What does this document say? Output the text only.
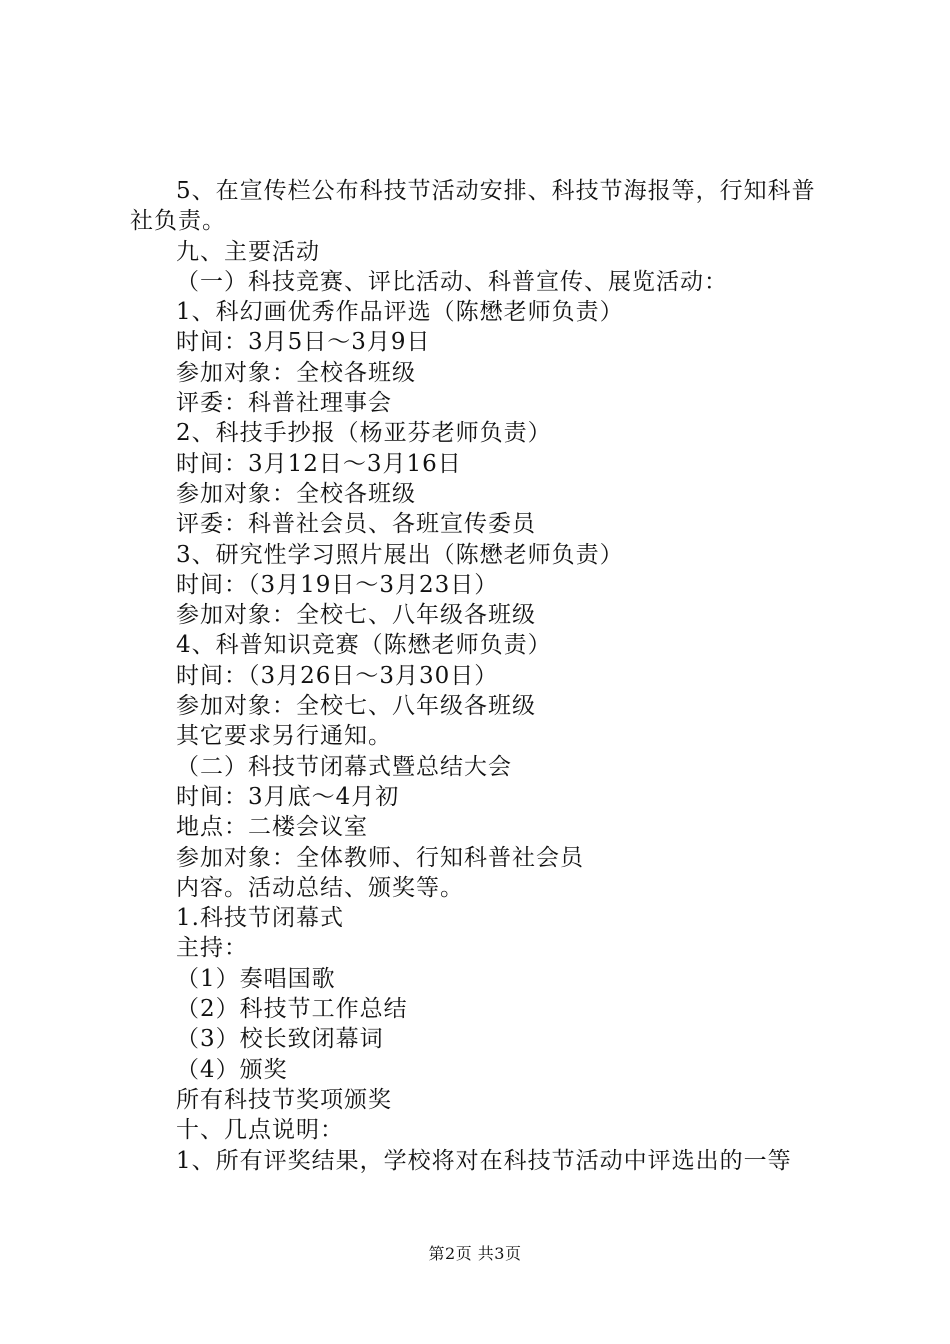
5、在宣传栏公布科技节活动安排、科技节海报等，行知科普社负责。
九、主要活动
（一）科技竞赛、评比活动、科普宣传、展览活动：
1、科幻画优秀作品评选（陈懋老师负责）
时间：3月5日～3月9日
参加对象：全校各班级
评委：科普社理事会
2、科技手抄报（杨亚芬老师负责）
时间：3月12日～3月16日
参加对象：全校各班级
评委：科普社会员、各班宣传委员
3、研究性学习照片展出（陈懋老师负责）
时间：（3月19日～3月23日）
参加对象：全校七、八年级各班级
4、科普知识竞赛（陈懋老师负责）
时间：（3月26日～3月30日）
参加对象：全校七、八年级各班级
其它要求另行通知。
（二）科技节闭幕式暨总结大会
时间：3月底～4月初
地点：二楼会议室
参加对象：全体教师、行知科普社会员
内容。活动总结、颁奖等。
1.科技节闭幕式
主持：
（1）奏唱国歌
（2）科技节工作总结
（3）校长致闭幕词
（4）颁奖
所有科技节奖项颁奖
十、几点说明：
1、所有评奖结果，学校将对在科技节活动中评选出的一等
第2页 共3页
